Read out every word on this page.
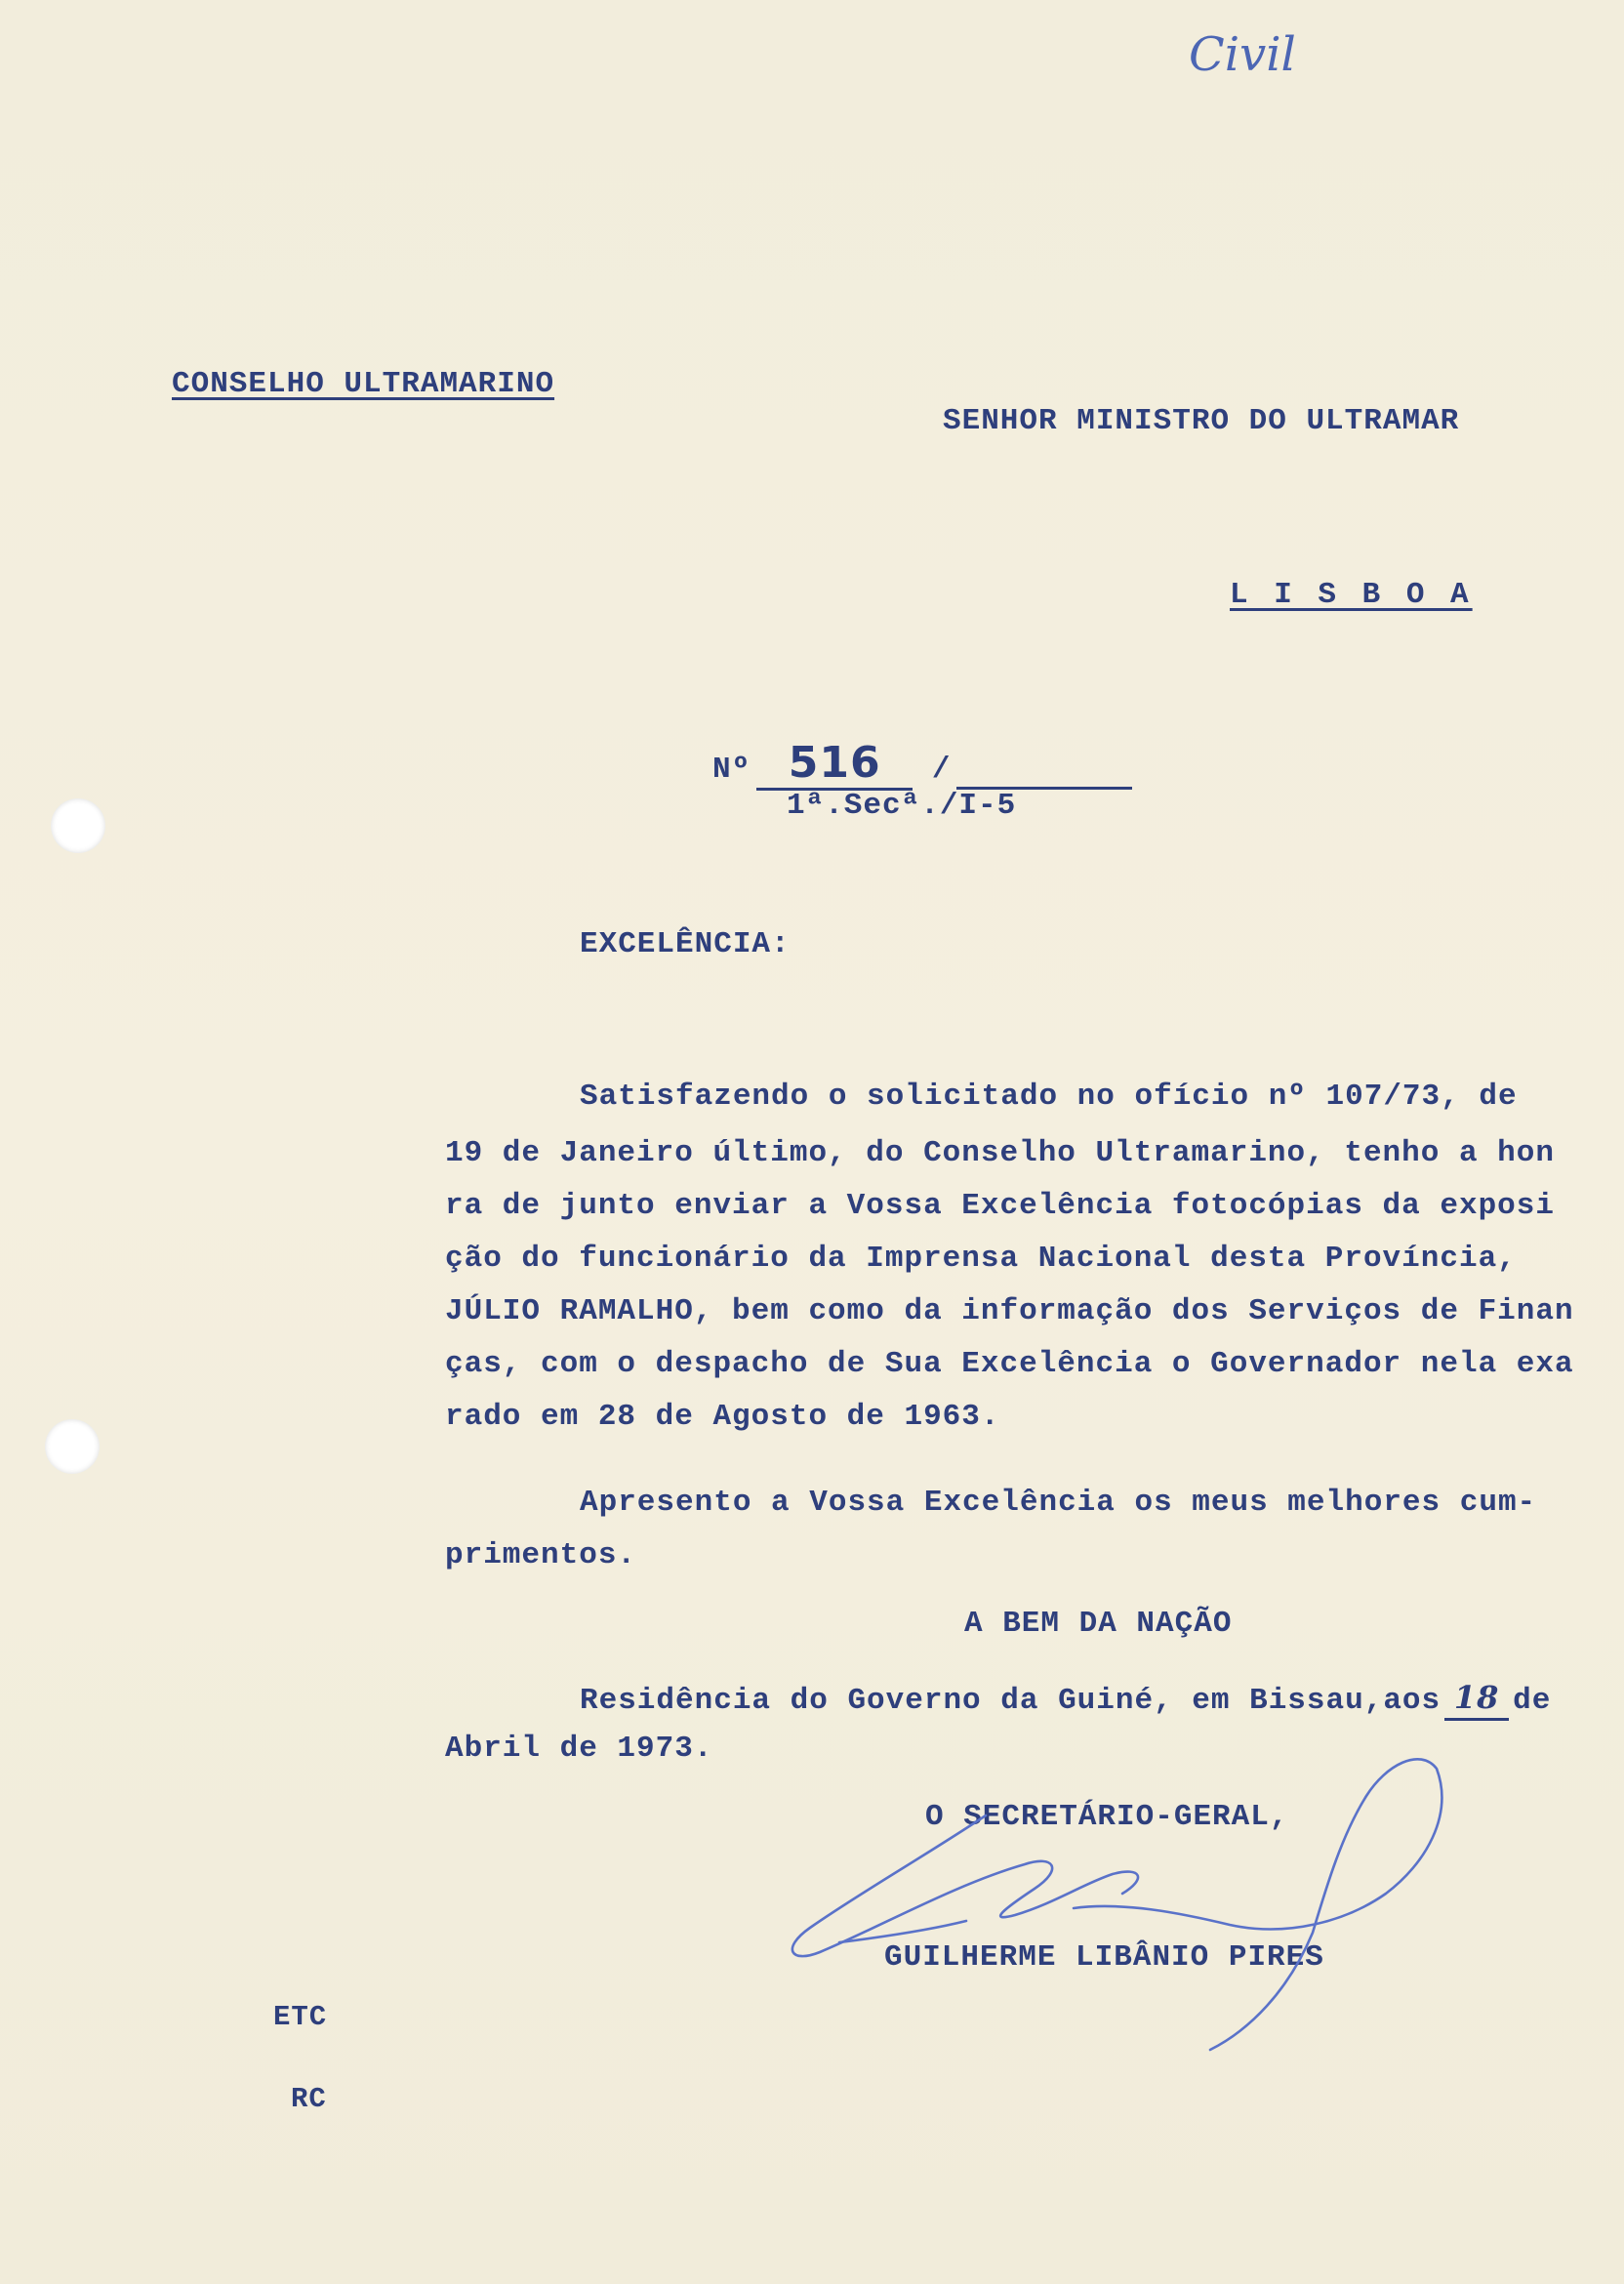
Civil
CONSELHO ULTRAMARINO
SENHOR MINISTRO DO ULTRAMAR
L I S B O A
Nº 516 /
1ª.Secª./I-5
EXCELÊNCIA:
Satisfazendo o solicitado no ofício nº 107/73, de
19 de Janeiro último, do Conselho Ultramarino, tenho a hon
ra de junto enviar a Vossa Excelência fotocópias da exposi
ção do funcionário da Imprensa Nacional desta Província,
JÚLIO RAMALHO, bem como da informação dos Serviços de Finan
ças, com o despacho de Sua Excelência o Governador nela exa
rado em 28 de Agosto de 1963.
Apresento a Vossa Excelência os meus melhores cum-
primentos.
A BEM DA NAÇÃO
Residência do Governo da Guiné, em Bissau,aos 18 de
Abril de 1973.
O SECRETÁRIO-GERAL,
GUILHERME LIBÂNIO PIRES
ETC
RC
